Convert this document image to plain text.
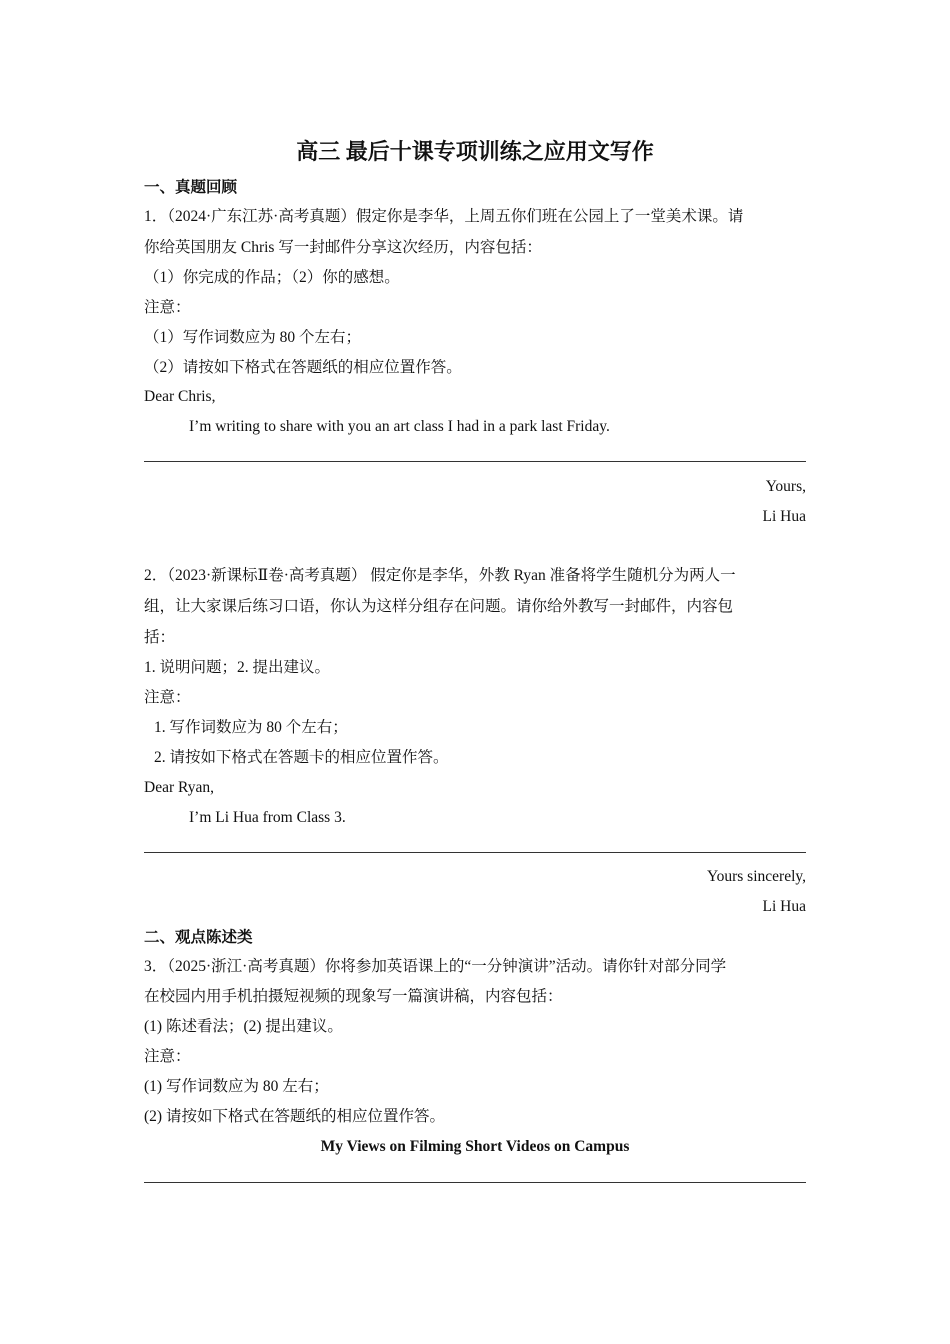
高三 最后十课专项训练之应用文写作
一、真题回顾
1．（2024·广东江苏·高考真题）假定你是李华，上周五你们班在公园上了一堂美术课。请
你给英国朋友 Chris 写一封邮件分享这次经历，内容包括：
（1）你完成的作品；（2）你的感想。
注意：
（1）写作词数应为 80 个左右；
（2）请按如下格式在答题纸的相应位置作答。
Dear Chris,
I’m writing to share with you an art class I had in a park last Friday.
Yours,
Li Hua
2．（2023·新课标Ⅱ卷·高考真题） 假定你是李华，外教 Ryan 准备将学生随机分为两人一
组，让大家课后练习口语，你认为这样分组存在问题。请你给外教写一封邮件，内容包
括：
1. 说明问题；2. 提出建议。
注意：
1. 写作词数应为 80 个左右；
2. 请按如下格式在答题卡的相应位置作答。
Dear Ryan,
I’m Li Hua from Class 3.
Yours sincerely,
Li Hua
二、观点陈述类
3．（2025·浙江·高考真题）你将参加英语课上的“一分钟演讲”活动。请你针对部分同学
在校园内用手机拍摄短视频的现象写一篇演讲稿，内容包括：
(1) 陈述看法；(2) 提出建议。
注意：
(1) 写作词数应为 80 左右；
(2) 请按如下格式在答题纸的相应位置作答。
My Views on Filming Short Videos on Campus
